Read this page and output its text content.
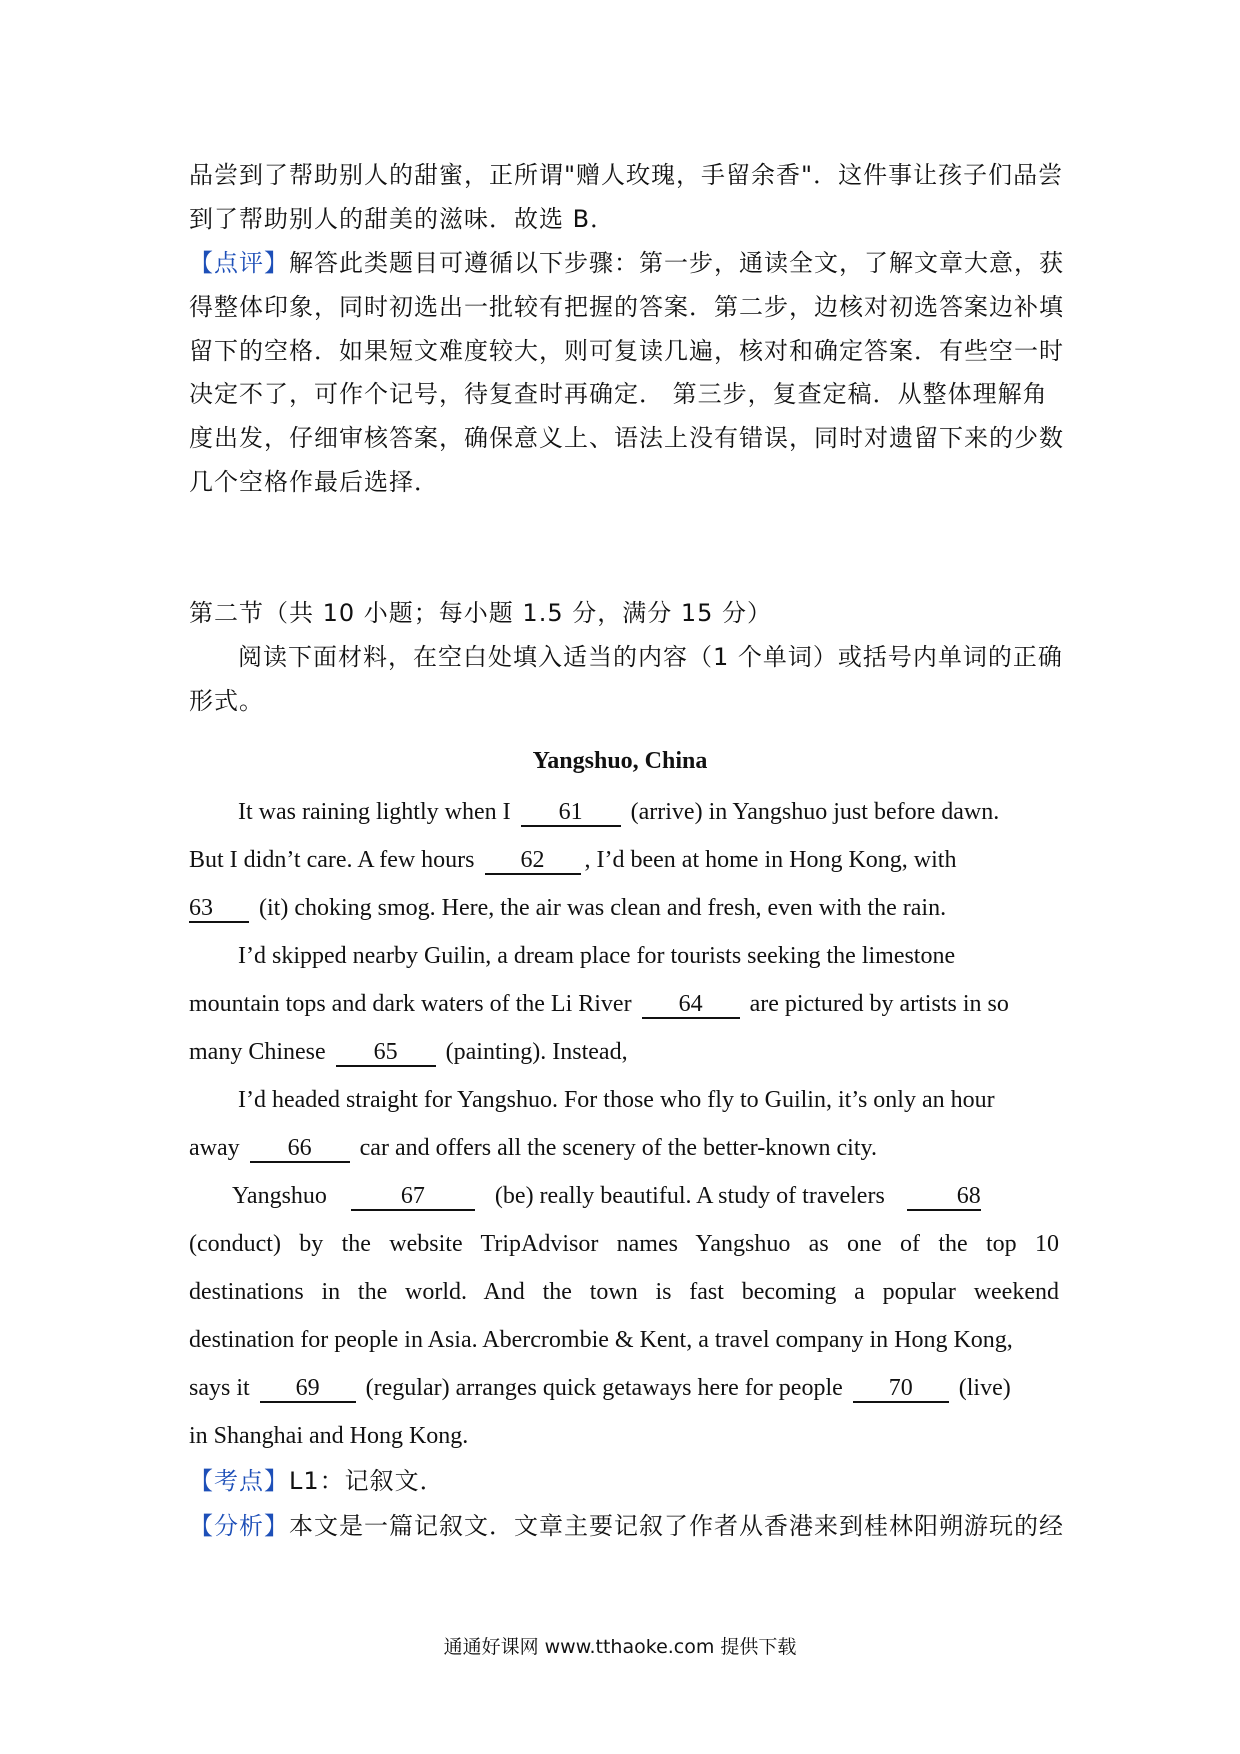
品尝到了帮助别人的甜蜜，正所谓"赠人玫瑰，手留余香"．这件事让孩子们品尝
到了帮助别人的甜美的滋味．故选 B．
【点评】解答此类题目可遵循以下步骤：第一步，通读全文，了解文章大意，获
得整体印象，同时初选出一批较有把握的答案．第二步，边核对初选答案边补填
留下的空格．如果短文难度较大，则可复读几遍，核对和确定答案．有些空一时
决定不了，可作个记号，待复查时再确定． 第三步，复查定稿．从整体理解角
度出发，仔细审核答案，确保意义上、语法上没有错误，同时对遗留下来的少数
几个空格作最后选择．
第二节（共 10 小题；每小题 1.5 分，满分 15 分）
阅读下面材料，在空白处填入适当的内容（1 个单词）或括号内单词的正确
形式。
Yangshuo, China
It was raining lightly when I 61 (arrive) in Yangshuo just before dawn.
But I didn’t care. A few hours 62 , I’d been at home in Hong Kong, with
63 (it) choking smog. Here, the air was clean and fresh, even with the rain.
I’d skipped nearby Guilin, a dream place for tourists seeking the limestone
mountain tops and dark waters of the Li River 64 are pictured by artists in so
many Chinese 65 (painting). Instead,
I’d headed straight for Yangshuo. For those who fly to Guilin, it’s only an hour
away 66 car and offers all the scenery of the better-known city.
Yangshuo	67	(be) really beautiful. A study of travelers	68
(conduct) by the website TripAdvisor names Yangshuo as one of the top 10
destinations in the world. And the town is fast becoming a popular weekend
destination for people in Asia. Abercrombie & Kent, a travel company in Hong Kong,
says it 69 (regular) arranges quick getaways here for people 70 (live)
in Shanghai and Hong Kong.
【考点】L1：记叙文．
【分析】本文是一篇记叙文．文章主要记叙了作者从香港来到桂林阳朔游玩的经
通通好课网 www.tthaoke.com 提供下载
